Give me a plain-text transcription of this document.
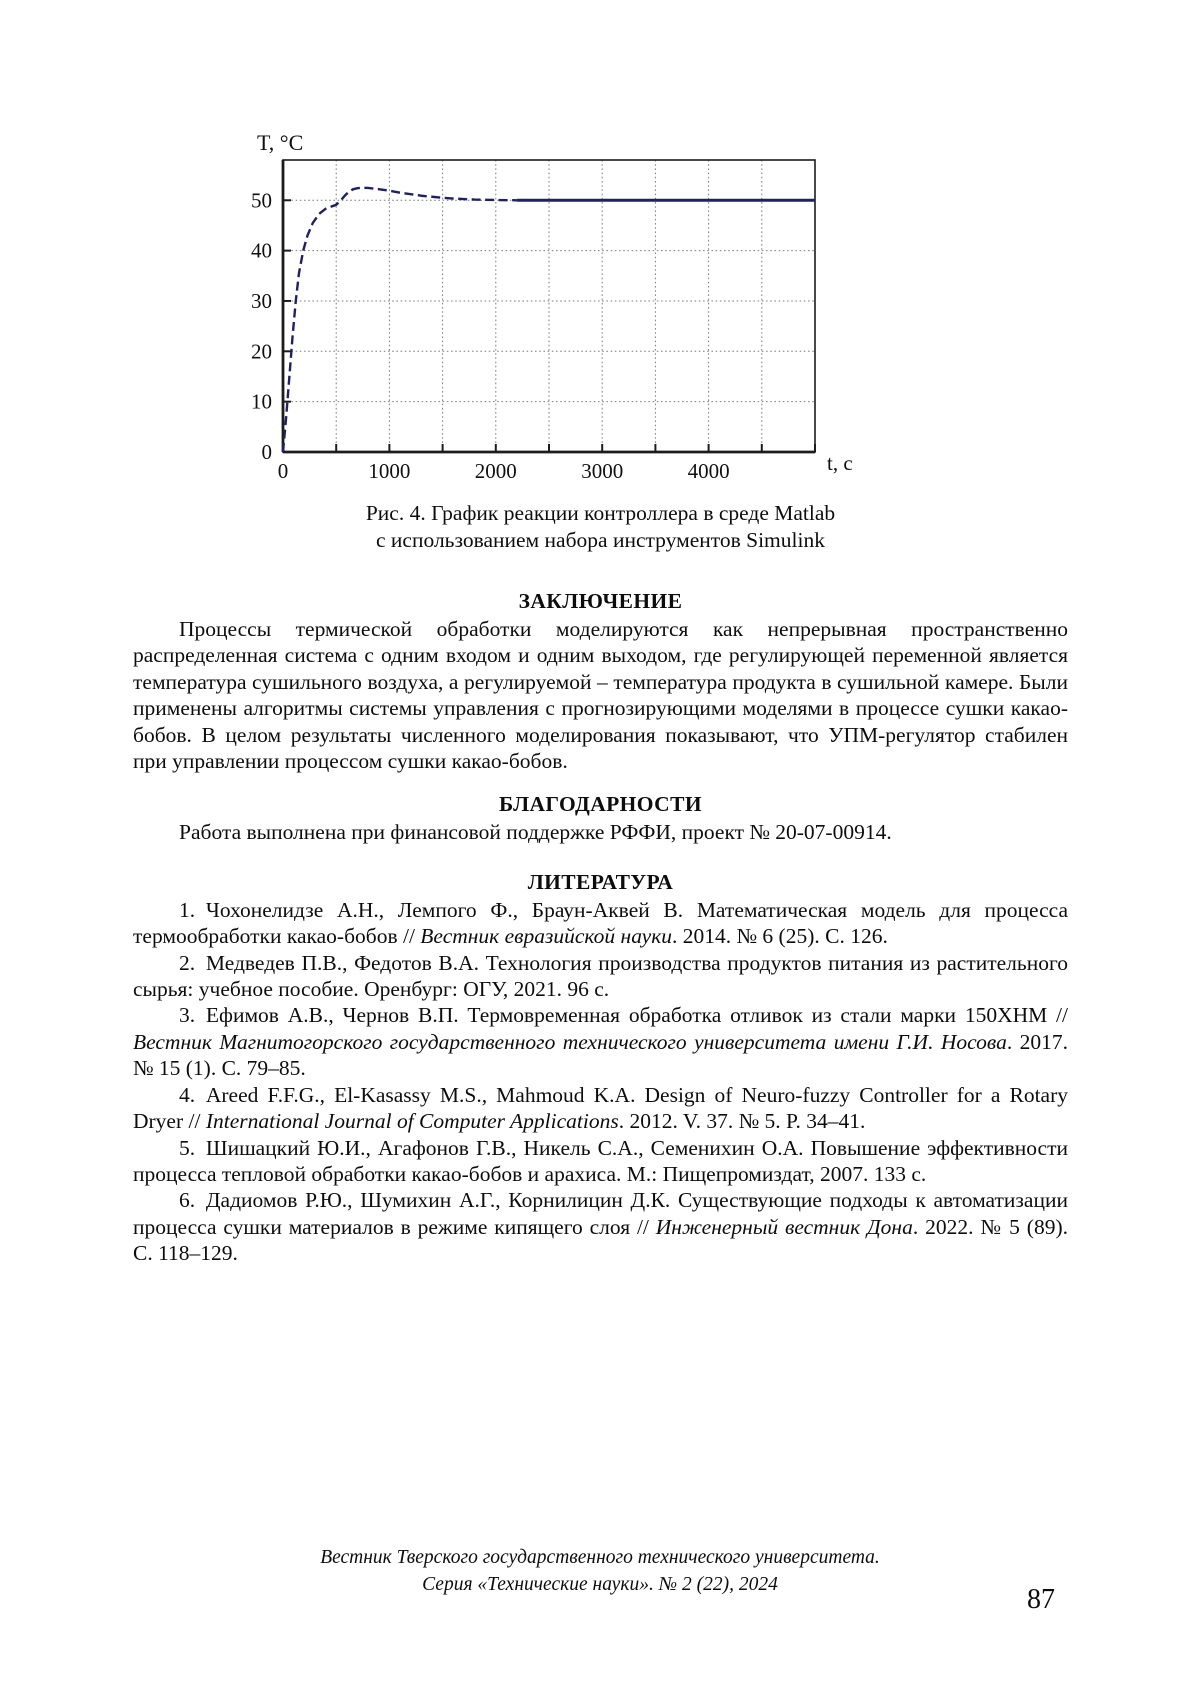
0	1000	2000	3000	4000
0
10
20
30
40
50
T, °C
t, c
Рис. 4. График реакции контроллера в среде Matlab
с использованием набора инструментов Simulink
ЗАКЛЮЧЕНИЕ

Процессы термической обработки моделируются как непрерывная пространственно распределенная система с одним входом и одним выходом, где регулирующей переменной является температура сушильного воздуха, а регулируемой – температура продукта в сушильной камере. Были применены алгоритмы системы управления с прогнозирующими моделями в процессе сушки какао-бобов. В целом результаты численного моделирования показывают, что УПМ-регулятор стабилен при управлении процессом сушки какао-бобов.

БЛАГОДАРНОСТИ

Работа выполнена при финансовой поддержке РФФИ, проект № 20-07-00914.

ЛИТЕРАТУРА

1. Чохонелидзе А.Н., Лемпого Ф., Браун-Аквей В. Математическая модель для процесса термообработки какао-бобов // Вестник евразийской науки. 2014. № 6 (25). С. 126.

2. Медведев П.В., Федотов В.А. Технология производства продуктов питания из растительного сырья: учебное пособие. Оренбург: ОГУ, 2021. 96 с.

3. Ефимов А.В., Чернов В.П. Термовременная обработка отливок из стали марки 150ХНМ // Вестник Магнитогорского государственного технического университета имени Г.И. Носова. 2017. № 15 (1). С. 79–85.

4. Areed F.F.G., El-Kasassy M.S., Mahmoud K.A. Design of Neuro-fuzzy Controller for a Rotary Dryer // International Journal of Computer Applications. 2012. V. 37. № 5. P. 34–41.

5. Шишацкий Ю.И., Агафонов Г.В., Никель С.А., Семенихин О.А. Повышение эффективности процесса тепловой обработки какао-бобов и арахиса. М.: Пищепромиздат, 2007. 133 с.

6. Дадиомов Р.Ю., Шумихин А.Г., Корнилицин Д.К. Существующие подходы к автоматизации процесса сушки материалов в режиме кипящего слоя // Инженерный вестник Дона. 2022. № 5 (89). С. 118–129.

Вестник Тверского государственного технического университета.
Серия «Технические науки». № 2 (22), 2024	87
